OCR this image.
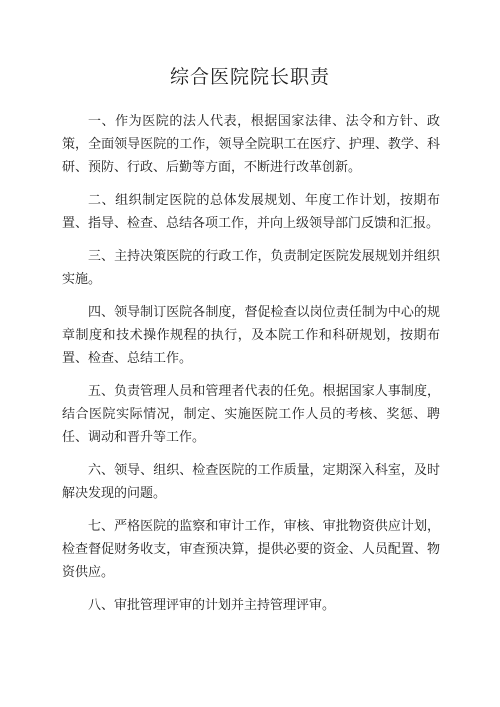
综合医院院长职责

一、作为医院的法人代表，根据国家法律、法令和方针、政策，全面领导医院的工作，领导全院职工在医疗、护理、教学、科研、预防、行政、后勤等方面，不断进行改革创新。

二、组织制定医院的总体发展规划、年度工作计划，按期布置、指导、检查、总结各项工作，并向上级领导部门反馈和汇报。

三、主持决策医院的行政工作，负责制定医院发展规划并组织实施。

四、领导制订医院各制度，督促检查以岗位责任制为中心的规章制度和技术操作规程的执行，及本院工作和科研规划，按期布置、检查、总结工作。

五、负责管理人员和管理者代表的任免。根据国家人事制度，结合医院实际情况，制定、实施医院工作人员的考核、奖惩、聘任、调动和晋升等工作。

六、领导、组织、检查医院的工作质量，定期深入科室，及时解决发现的问题。

七、严格医院的监察和审计工作，审核、审批物资供应计划，检查督促财务收支，审查预决算，提供必要的资金、人员配置、物资供应。

八、审批管理评审的计划并主持管理评审。
